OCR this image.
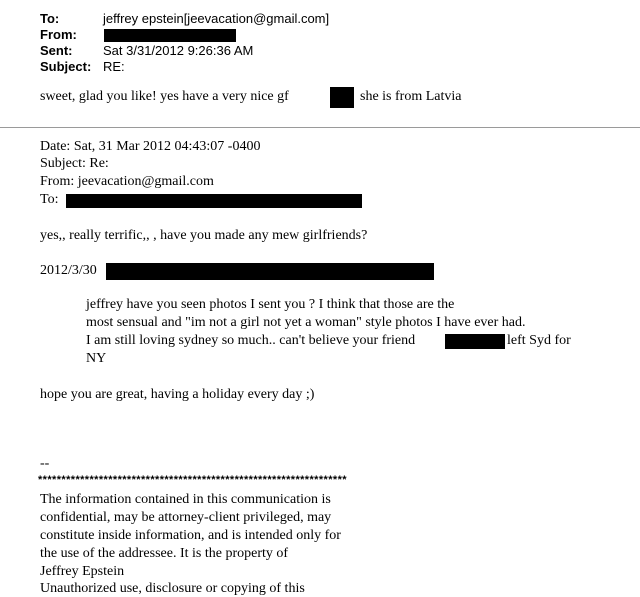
To:	jeffrey epstein[jeevacation@gmail.com]
From:
Sent: Sat 3/31/2012 9:26:36 AM
Subject: RE:
sweet, glad you like! yes have a very nice gf	she is from Latvia
Date: Sat, 31 Mar 2012 04:43:07 -0400
Subject: Re:
From: jeevacation@gmail.com
To:
yes,, really terrific,, , have you made any mew girlfriends?
2012/3/30
jeffrey have you seen photos I sent you ? I think that those are the
most sensual and "im not a girl not yet a woman" style photos I have ever had.
I am still loving sydney so much.. can't believe your friend	left Syd for
NY
hope you are great, having a holiday every day ;)
--
******************************************************************
The information contained in this communication is
confidential, may be attorney-client privileged, may
constitute inside information, and is intended only for
the use of the addressee. It is the property of
Jeffrey Epstein
Unauthorized use, disclosure or copying of this
